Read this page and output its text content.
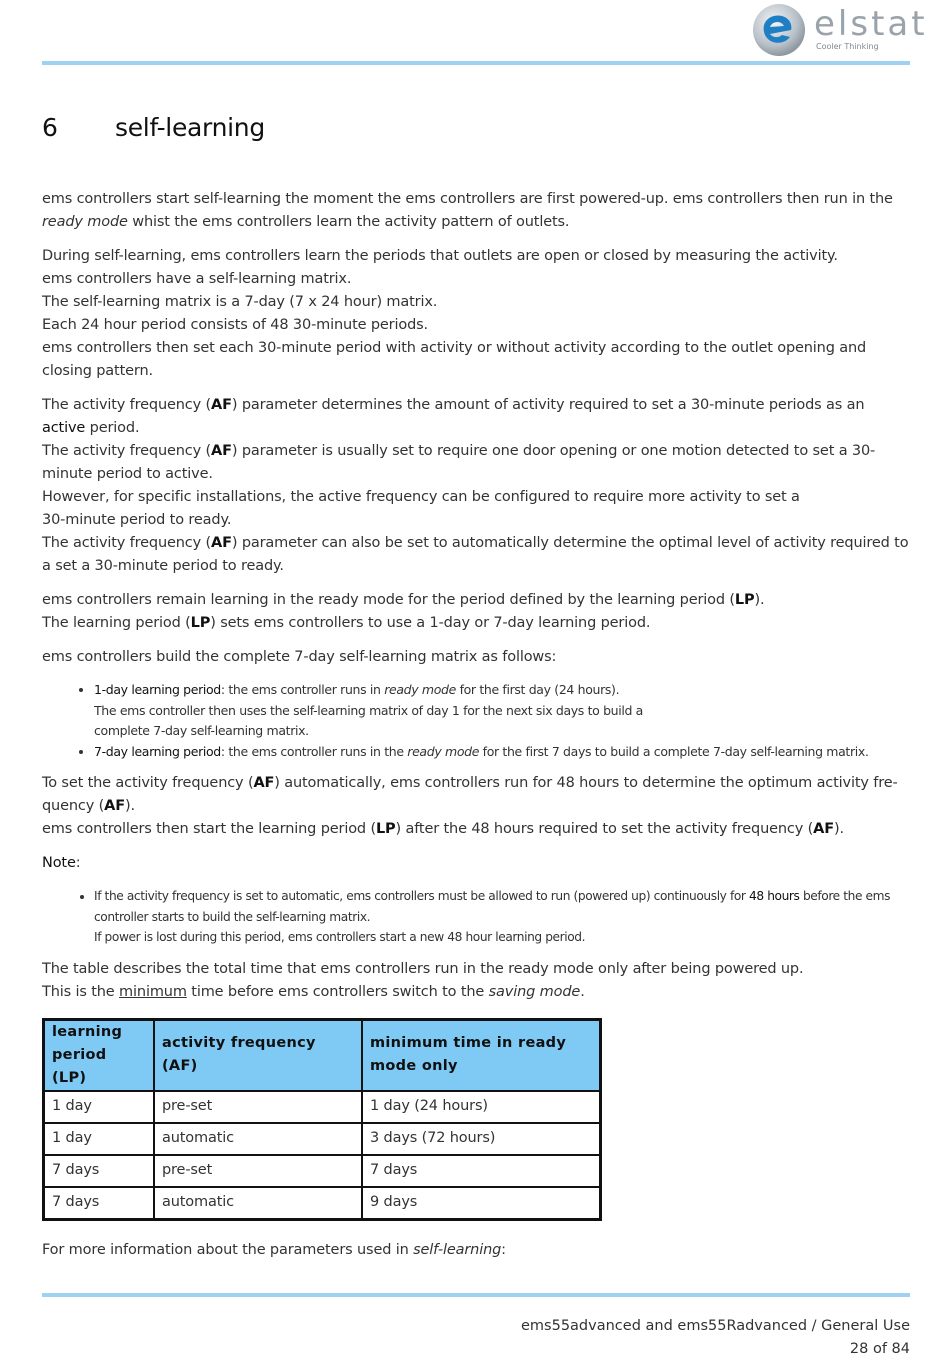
elstat
Cooler Thinking
6 self-learning

ems controllers start self-learning the moment the ems controllers are first powered-up. ems controllers then run in the ready mode whist the ems controllers learn the activity pattern of outlets.

During self-learning, ems controllers learn the periods that outlets are open or closed by measuring the activity.
ems controllers have a self-learning matrix.
The self-learning matrix is a 7-day (7 x 24 hour) matrix.
Each 24 hour period consists of 48 30-minute periods.
ems controllers then set each 30-minute period with activity or without activity according to the outlet opening and closing pattern.

The activity frequency (AF) parameter determines the amount of activity required to set a 30-minute periods as an active period.
The activity frequency (AF) parameter is usually set to require one door opening or one motion detected to set a 30-minute period to active.
However, for specific installations, the active frequency can be configured to require more activity to set a
30-minute period to ready.
The activity frequency (AF) parameter can also be set to automatically determine the optimal level of activity required to a set a 30-minute period to ready.

ems controllers remain learning in the ready mode for the period defined by the learning period (LP).
The learning period (LP) sets ems controllers to use a 1-day or 7-day learning period.

ems controllers build the complete 7-day self-learning matrix as follows:

• 1-day learning period: the ems controller runs in ready mode for the first day (24 hours).
The ems controller then uses the self-learning matrix of day 1 for the next six days to build a
complete 7-day self-learning matrix.
• 7-day learning period: the ems controller runs in the ready mode for the first 7 days to build a complete 7-day self-learning matrix.

To set the activity frequency (AF) automatically, ems controllers run for 48 hours to determine the optimum activity fre-quency (AF).
ems controllers then start the learning period (LP) after the 48 hours required to set the activity frequency (AF).

Note:

• If the activity frequency is set to automatic, ems controllers must be allowed to run (powered up) continuously for 48 hours before the ems controller starts to build the self-learning matrix.
If power is lost during this period, ems controllers start a new 48 hour learning period.

The table describes the total time that ems controllers run in the ready mode only after being powered up.
This is the minimum time before ems controllers switch to the saving mode.

learning period (LP)	activity frequency (AF)	minimum time in ready mode only
1 day	pre-set	1 day (24 hours)
1 day	automatic	3 days (72 hours)
7 days	pre-set	7 days
7 days	automatic	9 days

For more information about the parameters used in self-learning:

ems55advanced and ems55Radvanced / General Use
28 of 84
